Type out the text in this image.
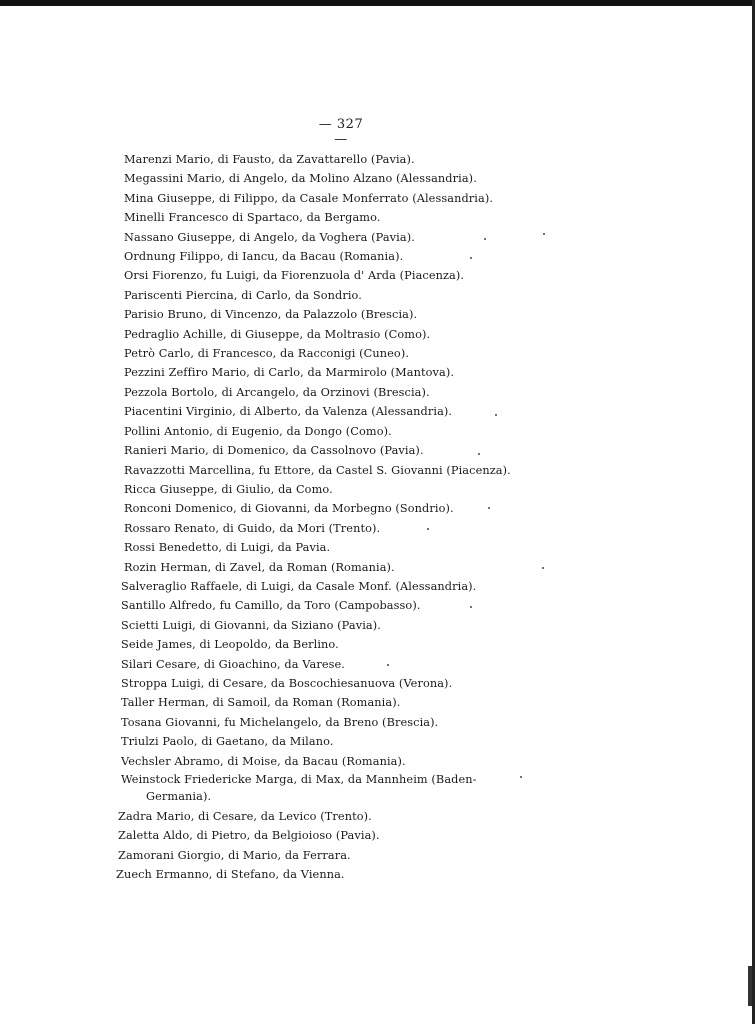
— 327 —
Marenzi Mario, di Fausto, da Zavattarello (Pavia).
Megassini Mario, di Angelo, da Molino Alzano (Alessandria).
Mina Giuseppe, di Filippo, da Casale Monferrato (Alessandria).
Minelli Francesco di Spartaco, da Bergamo.
Nassano Giuseppe, di Angelo, da Voghera (Pavia).
Ordnung Filippo, di Iancu, da Bacau (Romania).
Orsi Fiorenzo, fu Luigi, da Fiorenzuola d' Arda (Piacenza).
Pariscenti Piercina, di Carlo, da Sondrio.
Parisio Bruno, di Vincenzo, da Palazzolo (Brescia).
Pedraglio Achille, di Giuseppe, da Moltrasio (Como).
Petrò Carlo, di Francesco, da Racconigi (Cuneo).
Pezzini Zeffiro Mario, di Carlo, da Marmirolo (Mantova).
Pezzola Bortolo, di Arcangelo, da Orzinovi (Brescia).
Piacentini Virginio, di Alberto, da Valenza (Alessandria).
Pollini Antonio, di Eugenio, da Dongo (Como).
Ranieri Mario, di Domenico, da Cassolnovo (Pavia).
Ravazzotti Marcellina, fu Ettore, da Castel S. Giovanni (Piacenza).
Ricca Giuseppe, di Giulio, da Como.
Ronconi Domenico, di Giovanni, da Morbegno (Sondrio).
Rossaro Renato, di Guido, da Mori (Trento).
Rossi Benedetto, di Luigi, da Pavia.
Rozin Herman, di Zavel, da Roman (Romania).
Salveraglio Raffaele, di Luigi, da Casale Monf. (Alessandria).
Santillo Alfredo, fu Camillo, da Toro (Campobasso).
Scietti Luigi, di Giovanni, da Siziano (Pavia).
Seide James, di Leopoldo, da Berlino.
Silari Cesare, di Gioachino, da Varese.
Stroppa Luigi, di Cesare, da Boscochiesanuova (Verona).
Taller Herman, di Samoil, da Roman (Romania).
Tosana Giovanni, fu Michelangelo, da Breno (Brescia).
Triulzi Paolo, di Gaetano, da Milano.
Vechsler Abramo, di Moise, da Bacau (Romania).
Weinstock Friedericke Marga, di Max, da Mannheim (Baden-
Germania).
Zadra Mario, di Cesare, da Levico (Trento).
Zaletta Aldo, di Pietro, da Belgioioso (Pavia).
Zamorani Giorgio, di Mario, da Ferrara.
Zuech Ermanno, di Stefano, da Vienna.
